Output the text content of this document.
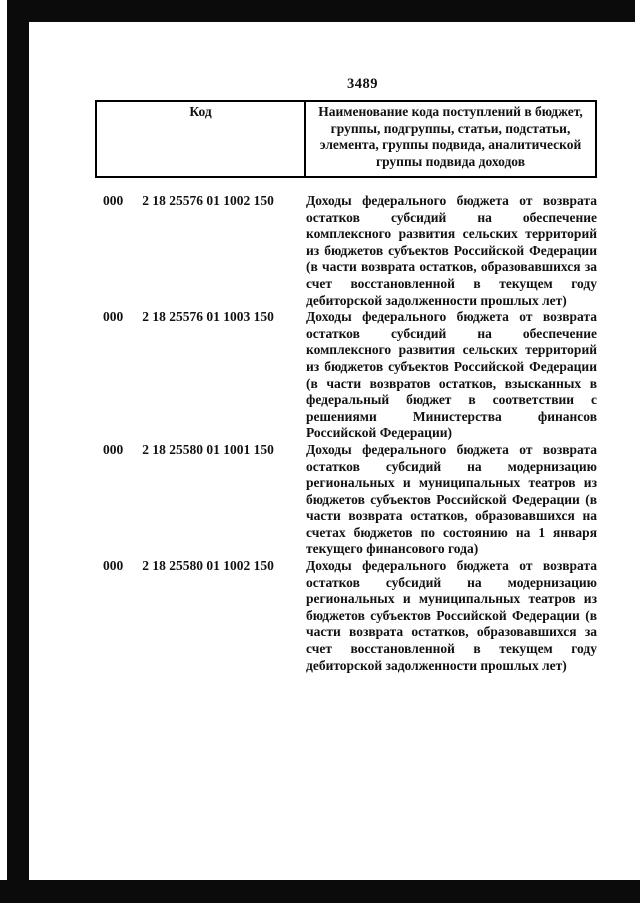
3489
Код	Наименование кода поступлений в бюджет, группы, подгруппы, статьи, подстатьи, элемента, группы подвида, аналитической группы подвида доходов
000 2 18 25576 01 1002 150	Доходы федерального бюджета от возврата остатков субсидий на обеспечение комплексного развития сельских территорий из бюджетов субъектов Российской Федерации (в части возврата остатков, образовавшихся за счет восстановленной в текущем году дебиторской задолженности прошлых лет)
000 2 18 25576 01 1003 150	Доходы федерального бюджета от возврата остатков субсидий на обеспечение комплексного развития сельских территорий из бюджетов субъектов Российской Федерации (в части возвратов остатков, взысканных в федеральный бюджет в соответствии с решениями Министерства финансов Российской Федерации)
000 2 18 25580 01 1001 150	Доходы федерального бюджета от возврата остатков субсидий на модернизацию региональных и муниципальных театров из бюджетов субъектов Российской Федерации (в части возврата остатков, образовавшихся на счетах бюджетов по состоянию на 1 января текущего финансового года)
000 2 18 25580 01 1002 150	Доходы федерального бюджета от возврата остатков субсидий на модернизацию региональных и муниципальных театров из бюджетов субъектов Российской Федерации (в части возврата остатков, образовавшихся за счет восстановленной в текущем году дебиторской задолженности прошлых лет)
